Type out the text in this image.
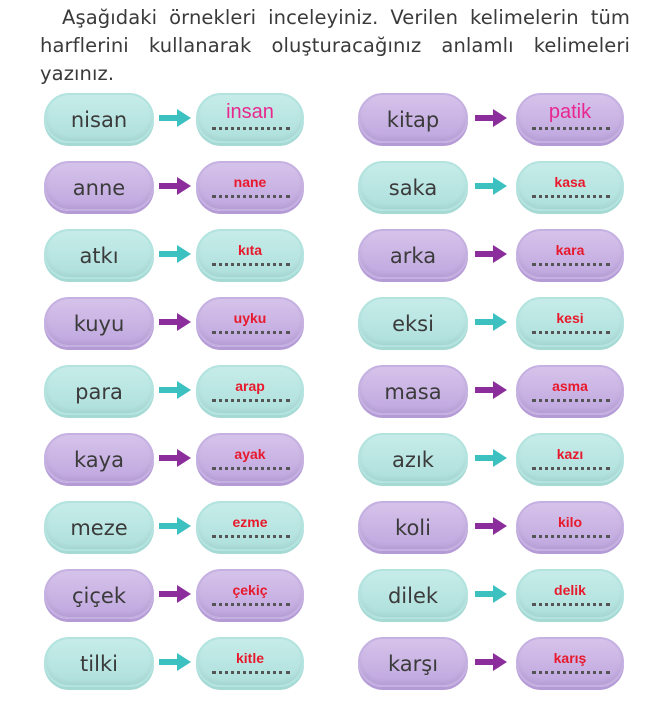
Aşağıdaki örnekleri inceleyiniz. Verilen kelimelerin tüm harflerini kullanarak oluşturacağınız anlamlı kelimeleri yazınız.

nisan	insan
anne	nane
atkı	kıta
kuyu	uyku
para	arap
kaya	ayak
meze	ezme
çiçek	çekiç
tilki	kitle
kitap	patik
saka	kasa
arka	kara
eksi	kesi
masa	asma
azık	kazı
koli	kilo
dilek	delik
karşı	karış
